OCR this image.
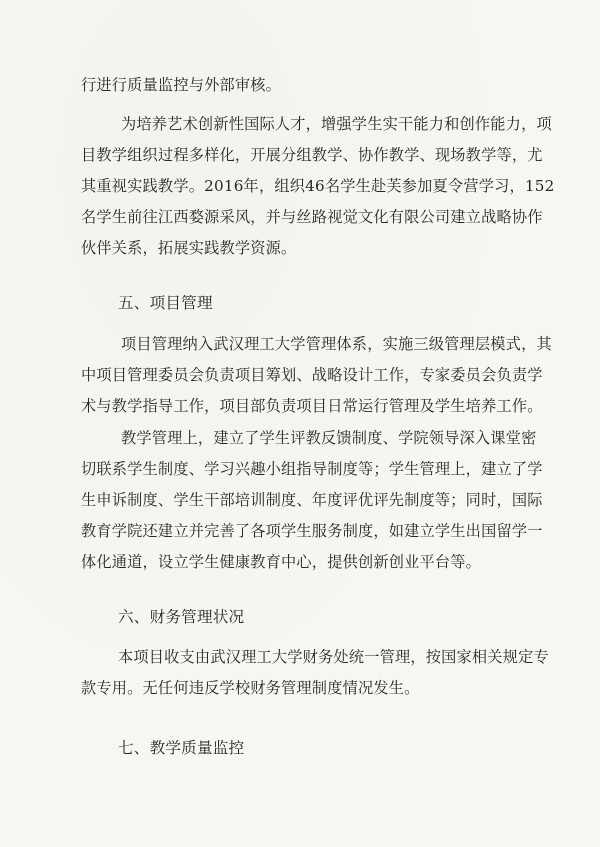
行进行质量监控与外部审核。
为培养艺术创新性国际人才，增强学生实干能力和创作能力，项
目教学组织过程多样化，开展分组教学、协作教学、现场教学等，尤
其重视实践教学。2016年，组织46名学生赴芙参加夏令营学习，152
名学生前往江西婺源采风，并与丝路视觉文化有限公司建立战略协作
伙伴关系，拓展实践教学资源。
五、项目管理
项目管理纳入武汉理工大学管理体系，实施三级管理层模式，其
中项目管理委员会负责项目筹划、战略设计工作，专家委员会负责学
术与教学指导工作，项目部负责项目日常运行管理及学生培养工作。
教学管理上，建立了学生评教反馈制度、学院领导深入课堂密
切联系学生制度、学习兴趣小组指导制度等；学生管理上，建立了学
生申诉制度、学生干部培训制度、年度评优评先制度等；同时，国际
教育学院还建立并完善了各项学生服务制度，如建立学生出国留学一
体化通道，设立学生健康教育中心，提供创新创业平台等。
六、财务管理状况
本项目收支由武汉理工大学财务处统一管理，按国家相关规定专
款专用。无任何违反学校财务管理制度情况发生。
七、教学质量监控
